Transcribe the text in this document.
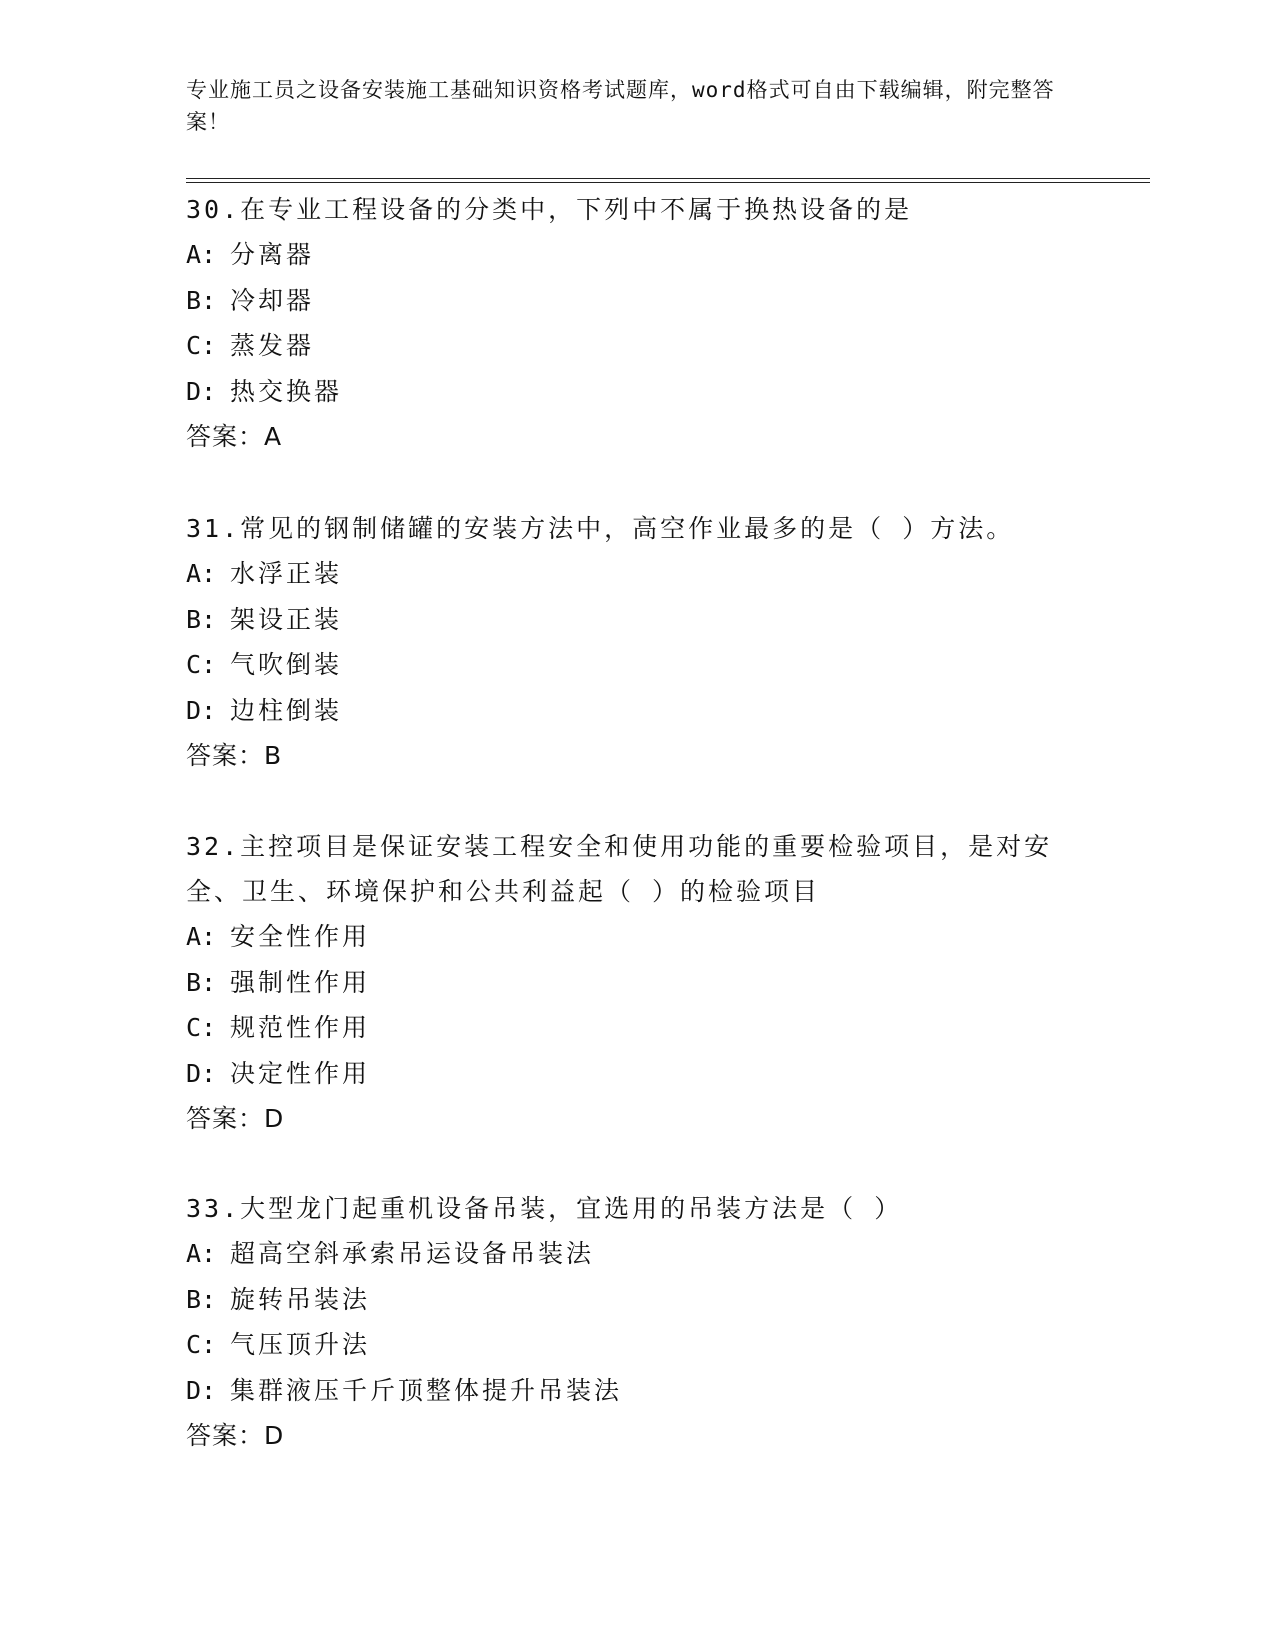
专业施工员之设备安装施工基础知识资格考试题库，word格式可自由下载编辑，附完整答案！
30.在专业工程设备的分类中，下列中不属于换热设备的是
A: 分离器
B: 冷却器
C: 蒸发器
D: 热交换器
答案：A
31.常见的钢制储罐的安装方法中，高空作业最多的是（ ）方法。
A: 水浮正装
B: 架设正装
C: 气吹倒装
D: 边柱倒装
答案：B
32.主控项目是保证安装工程安全和使用功能的重要检验项目，是对安全、卫生、环境保护和公共利益起（ ）的检验项目
A: 安全性作用
B: 强制性作用
C: 规范性作用
D: 决定性作用
答案：D
33.大型龙门起重机设备吊装，宜选用的吊装方法是（ ）
A: 超高空斜承索吊运设备吊装法
B: 旋转吊装法
C: 气压顶升法
D: 集群液压千斤顶整体提升吊装法
答案：D
